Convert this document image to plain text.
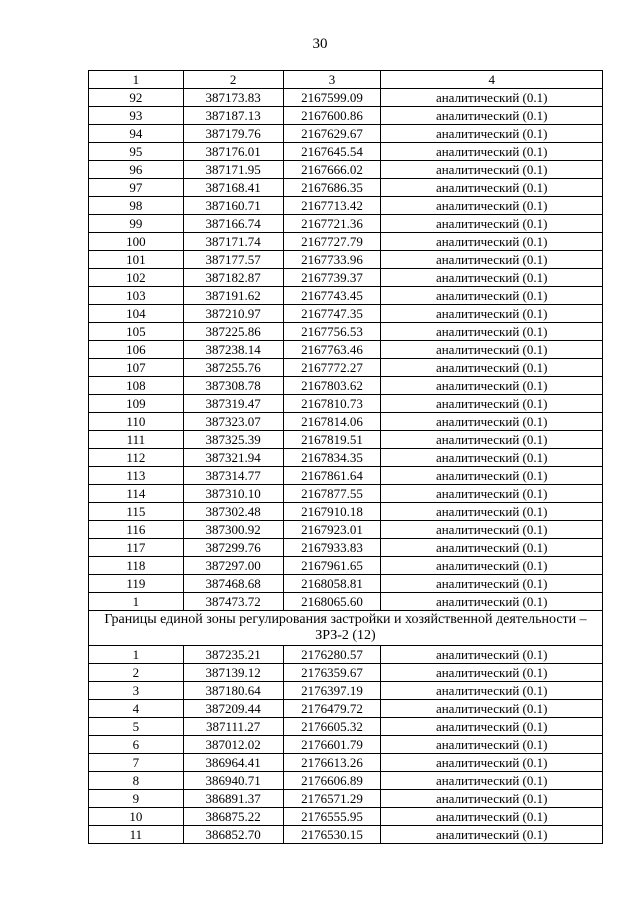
30
1	2	3	4
92	387173.83	2167599.09	аналитический (0.1)
93	387187.13	2167600.86	аналитический (0.1)
94	387179.76	2167629.67	аналитический (0.1)
95	387176.01	2167645.54	аналитический (0.1)
96	387171.95	2167666.02	аналитический (0.1)
97	387168.41	2167686.35	аналитический (0.1)
98	387160.71	2167713.42	аналитический (0.1)
99	387166.74	2167721.36	аналитический (0.1)
100	387171.74	2167727.79	аналитический (0.1)
101	387177.57	2167733.96	аналитический (0.1)
102	387182.87	2167739.37	аналитический (0.1)
103	387191.62	2167743.45	аналитический (0.1)
104	387210.97	2167747.35	аналитический (0.1)
105	387225.86	2167756.53	аналитический (0.1)
106	387238.14	2167763.46	аналитический (0.1)
107	387255.76	2167772.27	аналитический (0.1)
108	387308.78	2167803.62	аналитический (0.1)
109	387319.47	2167810.73	аналитический (0.1)
110	387323.07	2167814.06	аналитический (0.1)
111	387325.39	2167819.51	аналитический (0.1)
112	387321.94	2167834.35	аналитический (0.1)
113	387314.77	2167861.64	аналитический (0.1)
114	387310.10	2167877.55	аналитический (0.1)
115	387302.48	2167910.18	аналитический (0.1)
116	387300.92	2167923.01	аналитический (0.1)
117	387299.76	2167933.83	аналитический (0.1)
118	387297.00	2167961.65	аналитический (0.1)
119	387468.68	2168058.81	аналитический (0.1)
1	387473.72	2168065.60	аналитический (0.1)
Границы единой зоны регулирования застройки и хозяйственной деятельности – ЗРЗ-2 (12)			
1	387235.21	2176280.57	аналитический (0.1)
2	387139.12	2176359.67	аналитический (0.1)
3	387180.64	2176397.19	аналитический (0.1)
4	387209.44	2176479.72	аналитический (0.1)
5	387111.27	2176605.32	аналитический (0.1)
6	387012.02	2176601.79	аналитический (0.1)
7	386964.41	2176613.26	аналитический (0.1)
8	386940.71	2176606.89	аналитический (0.1)
9	386891.37	2176571.29	аналитический (0.1)
10	386875.22	2176555.95	аналитический (0.1)
11	386852.70	2176530.15	аналитический (0.1)
